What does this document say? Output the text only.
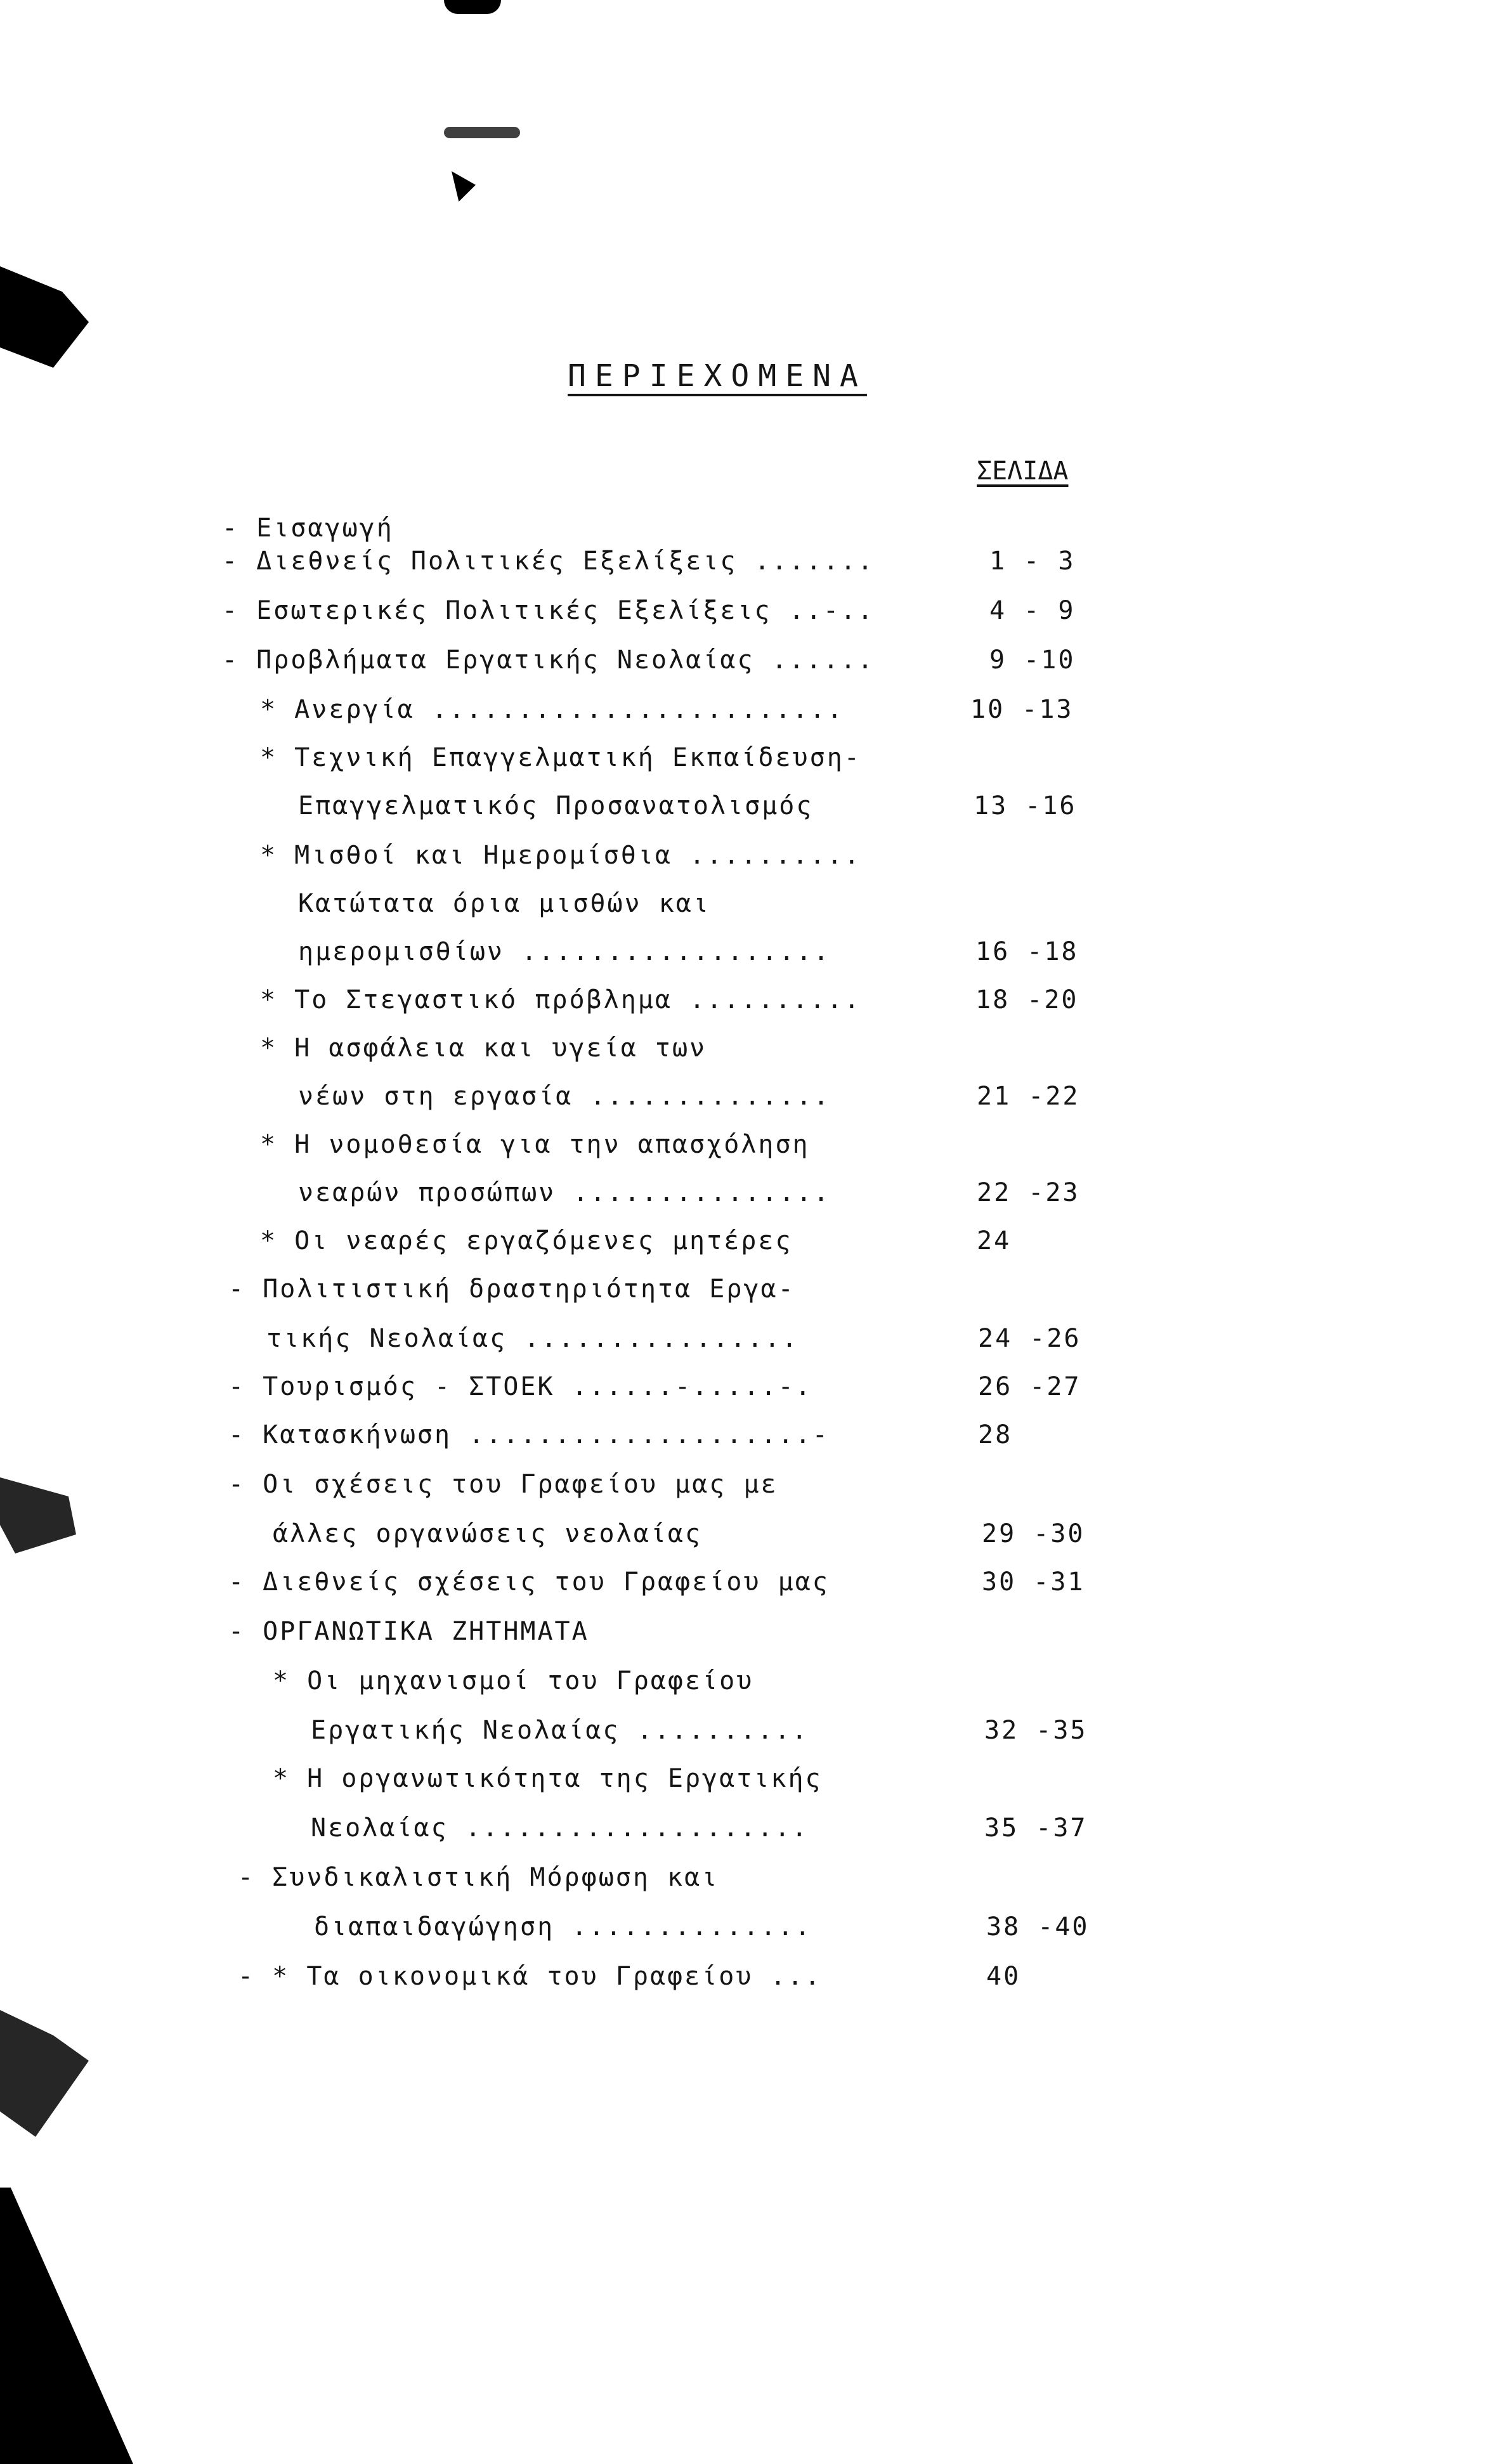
ΠΕΡΙΕΧΟΜΕΝΑ
ΣΕΛΙΔΑ
- Εισαγωγή
- Διεθνείς Πολιτικές Εξελίξεις .......	1 - 3
- Εσωτερικές Πολιτικές Εξελίξεις ..-..	4 - 9
- Προβλήματα Εργατικής Νεολαίας ......	9 -10
* Ανεργία ........................	10 -13
* Τεχνική Επαγγελματική Εκπαίδευση-
Επαγγελματικός Προσανατολισμός	13 -16
* Μισθοί και Ημερομίσθια ..........
Κατώτατα όρια μισθών και
ημερομισθίων ..................	16 -18
* Το Στεγαστικό πρόβλημα ..........	18 -20
* Η ασφάλεια και υγεία των
νέων στη εργασία ..............	21 -22
* Η νομοθεσία για την απασχόληση
νεαρών προσώπων ...............	22 -23
* Οι νεαρές εργαζόμενες μητέρες	24
- Πολιτιστική δραστηριότητα Εργα-
τικής Νεολαίας ................	24 -26
- Τουρισμός - ΣΤΟΕΚ ......-.....-.	26 -27
- Κατασκήνωση ....................-	28
- Οι σχέσεις του Γραφείου μας με
άλλες οργανώσεις νεολαίας	29 -30
- Διεθνείς σχέσεις του Γραφείου μας	30 -31
- ΟΡΓΑΝΩΤΙΚΑ ΖΗΤΗΜΑΤΑ
* Οι μηχανισμοί του Γραφείου
Εργατικής Νεολαίας ..........	32 -35
* Η οργανωτικότητα της Εργατικής
Νεολαίας ....................	35 -37
- Συνδικαλιστική Μόρφωση και
διαπαιδαγώγηση ..............	38 -40
- * Τα οικονομικά του Γραφείου ...	40
